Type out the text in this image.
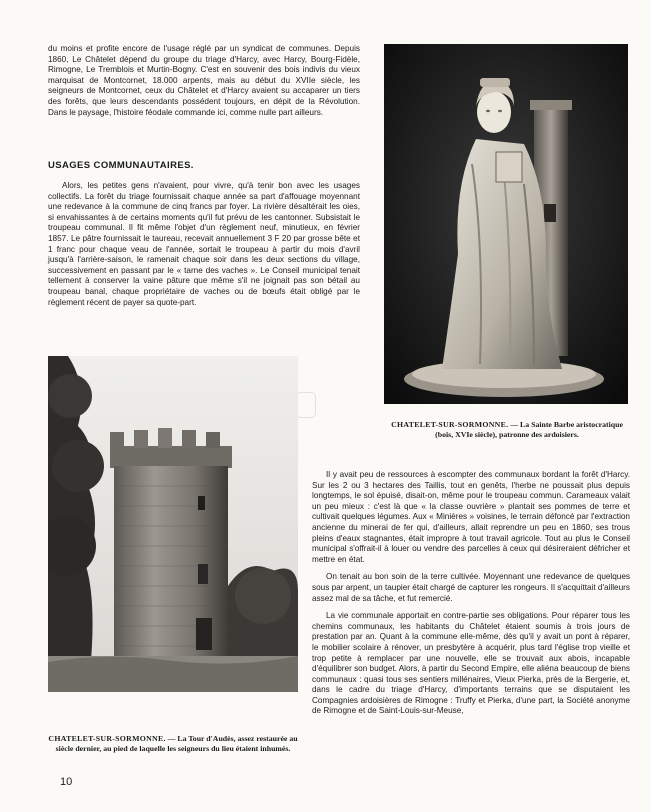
du moins et profite encore de l'usage réglé par un syndicat de communes. Depuis 1860, Le Châtelet dépend du groupe du triage d'Harcy, avec Harcy, Bourg-Fidèle, Rimogne, Le Tremblois et Murtin-Bogny. C'est en souvenir des bois indivis du vieux marquisat de Montcornet, 18.000 arpents, mais au début du XVIIe siècle, les seigneurs de Montcornet, ceux du Châtelet et d'Harcy avaient su accaparer un tiers des forêts, que leurs descendants possédent toujours, en dépit de la Révolution. Dans le paysage, l'histoire féodale commande ici, comme nulle part ailleurs.

USAGES COMMUNAUTAIRES.

Alors, les petites gens n'avaient, pour vivre, qu'à tenir bon avec les usages collectifs. La forêt du triage fournissait chaque année sa part d'affouage moyennant une redevance à la commune de cinq francs par foyer. La rivière désaltérait les oies, si envahissantes à de certains moments qu'il fut prévu de les cantonner. Subsistait le troupeau communal. Il fit même l'objet d'un règlement neuf, minutieux, en février 1857. Le pâtre fournissait le taureau, recevait annuellement 3 F 20 par grosse bête et 1 franc pour chaque veau de l'année, sortait le troupeau à partir du mois d'avril jusqu'à l'arrière-saison, le ramenait chaque soir dans les deux sections du village, successivement en passant par le « tarne des vaches ». Le Conseil municipal tenait tellement à conserver la vaine pâture que même s'il ne joignait pas son bétail au troupeau banal, chaque propriétaire de vaches ou de bœufs était obligé par le règlement récent de payer sa quote-part.

CHATELET-SUR-SORMONNE. — La Sainte Barbe aristocratique (bois, XVIe siècle), patronne des ardoisiers.
CHATELET-SUR-SORMONNE. — La Tour d'Audès, assez restaurée au siècle dernier, au pied de laquelle les seigneurs du lieu étaient inhumés.

Il y avait peu de ressources à escompter des communaux bordant la forêt d'Harcy. Sur les 2 ou 3 hectares des Taillis, tout en genêts, l'herbe ne poussait plus depuis longtemps, le sol épuisé, disait-on, même pour le troupeau commun. Carameaux valait un peu mieux : c'est là que « la classe ouvrière » plantait ses pommes de terre et cultivait quelques légumes. Aux « Minières » voisines, le terrain défoncé par l'extraction ancienne du minerai de fer qui, d'ailleurs, allait reprendre un peu en 1860, ses trous pleins d'eaux stagnantes, était impropre à tout travail agricole. Tout au plus le Conseil municipal s'offrait-il à louer ou vendre des parcelles à ceux qui désireraient défricher et mettre en état.

On tenait au bon soin de la terre cultivée. Moyennant une redevance de quelques sous par arpent, un taupier était chargé de capturer les rongeurs. Il s'acquittait d'ailleurs assez mal de sa tâche, et fut remercié.

La vie communale apportait en contre-partie ses obligations. Pour réparer tous les chemins communaux, les habitants du Châtelet étaient soumis à trois jours de prestation par an. Quant à la commune elle-même, dès qu'il y avait un pont à réparer, le mobilier scolaire à rénover, un presbytère à acquérir, plus tard l'église trop vieille et trop petite à remplacer par une nouvelle, elle se trouvait aux abois, incapable d'équilibrer son budget. Alors, à partir du Second Empire, elle aliéna beaucoup de biens communaux : quasi tous ses sentiers millénaires, Vieux Pierka, près de la Bergerie, et, dans le cadre du triage d'Harcy, d'importants terrains que se disputaient les Compagnies ardoisières de Rimogne : Truffy et Pierka, d'une part, la Société anonyme de Rimogne et de Saint-Louis-sur-Meuse,

10
